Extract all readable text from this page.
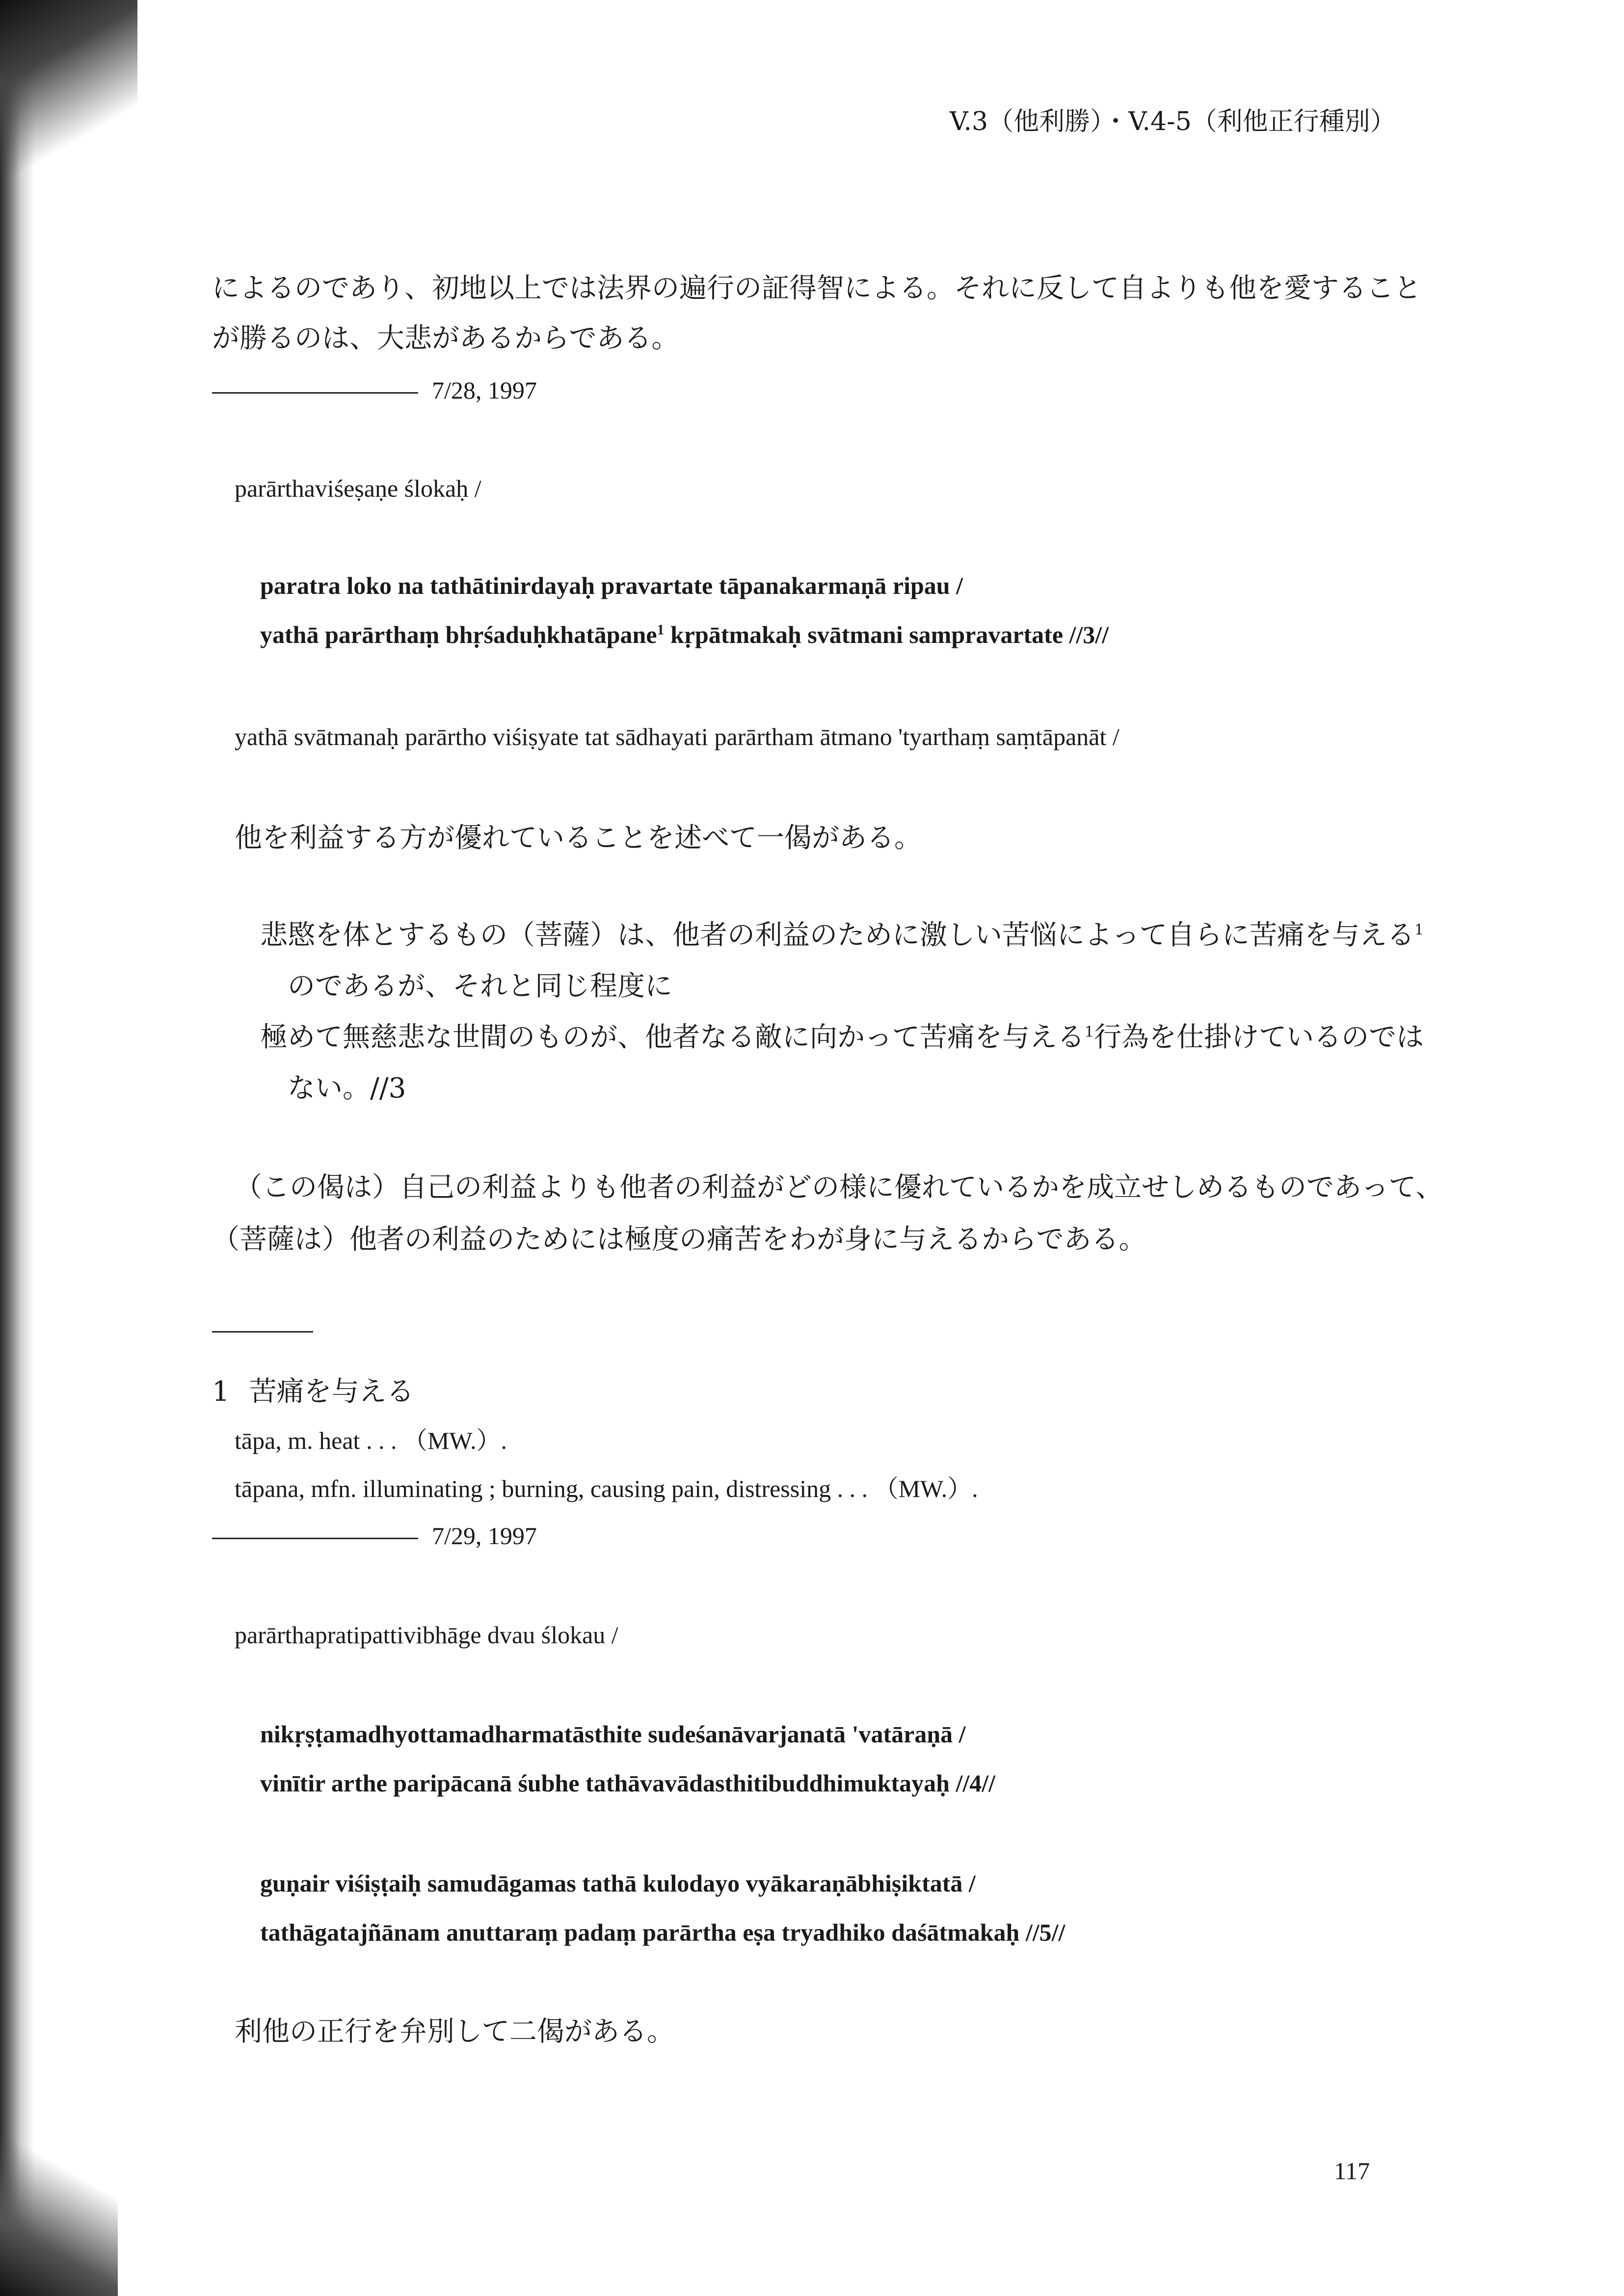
V.3（他利勝）・V.4-5（利他正行種別）
によるのであり、初地以上では法界の遍行の証得智による。それに反して自よりも他を愛すること
が勝るのは、大悲があるからである。
7/28, 1997
parārthaviśeṣaṇe ślokaḥ /
paratra loko na tathātinirdayaḥ pravartate tāpanakarmaṇā ripau /
yathā parārthaṃ bhṛśaduḥkhatāpane$^1$ kṛpātmakaḥ svātmani sampravartate //3//
yathā svātmanaḥ parārtho viśiṣyate tat sādhayati parārtham ātmano 'tyarthaṃ saṃtāpanāt /
他を利益する方が優れていることを述べて一偈がある。
悲愍を体とするもの（菩薩）は、他者の利益のために激しい苦悩によって自らに苦痛を与える$^1$
のであるが、それと同じ程度に
極めて無慈悲な世間のものが、他者なる敵に向かって苦痛を与える$^1$行為を仕掛けているのでは
ない。//3
（この偈は）自己の利益よりも他者の利益がどの様に優れているかを成立せしめるものであって、
（菩薩は）他者の利益のためには極度の痛苦をわが身に与えるからである。
1 苦痛を与える
tāpa, m. heat . . . （MW.）.
tāpana, mfn. illuminating ; burning, causing pain, distressing . . . （MW.）.
7/29, 1997
parārthapratipattivibhāge dvau ślokau /
nikṛṣṭamadhyottamadharmatāsthite sudeśanāvarjanatā 'vatāraṇā /
vinītir arthe paripācanā śubhe tathāvavādasthitibuddhimuktayaḥ //4//
guṇair viśiṣṭaiḥ samudāgamas tathā kulodayo vyākaraṇābhiṣiktatā /
tathāgatajñānam anuttaraṃ padaṃ parārtha eṣa tryadhiko daśātmakaḥ //5//
利他の正行を弁別して二偈がある。
117
